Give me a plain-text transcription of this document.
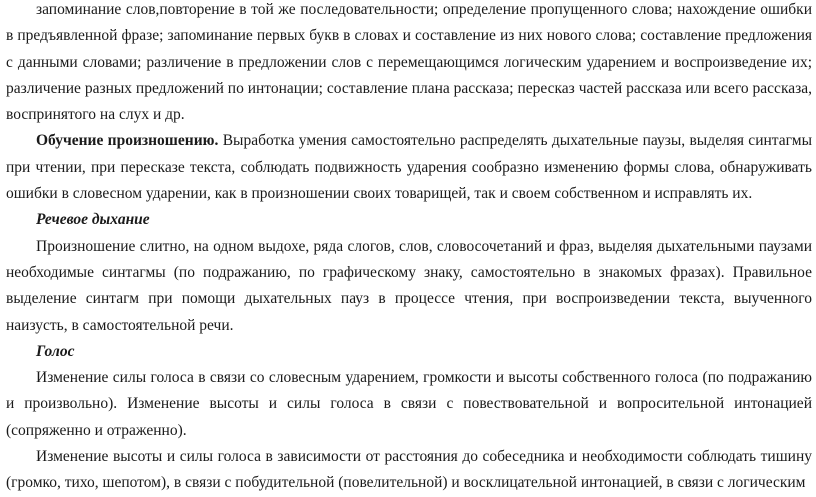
запоминание слов,повторение в той же последовательности; определение пропущенного слова; нахождение ошибки в предъявленной фразе; запоминание первых букв в словах и составление из них нового слова; составление предложения с данными словами; различение в предложении слов с перемещающимся логическим ударением и воспроизведение их; различение разных предложений по интонации; составление плана рассказа; пересказ частей рассказа или всего рассказа, воспринятого на слух и др.

Обучение произношению. Выработка умения самостоятельно распределять дыхательные паузы, выделяя синтагмы при чтении, при пересказе текста, соблюдать подвижность ударения сообразно изменению формы слова, обнаруживать ошибки в словесном ударении, как в произношении своих товарищей, так и своем собственном и исправлять их.

Речевое дыхание

Произношение слитно, на одном выдохе, ряда слогов, слов, словосочетаний и фраз, выделяя дыхательными паузами необходимые синтагмы (по подражанию, по графическому знаку, самостоятельно в знакомых фразах). Правильное выделение синтагм при помощи дыхательных пауз в процессе чтения, при воспроизведении текста, выученного наизусть, в самостоятельной речи.

Голос

Изменение силы голоса в связи со словесным ударением, громкости и высоты собственного голоса (по подражанию и произвольно). Изменение высоты и силы голоса в связи с повествовательной и вопросительной интонацией (сопряженно и отраженно).

Изменение высоты и силы голоса в зависимости от расстояния до собеседника и необходимости соблюдать тишину (громко, тихо, шепотом), в связи с побудительной (повелительной) и восклицательной интонацией, в связи с логическим
